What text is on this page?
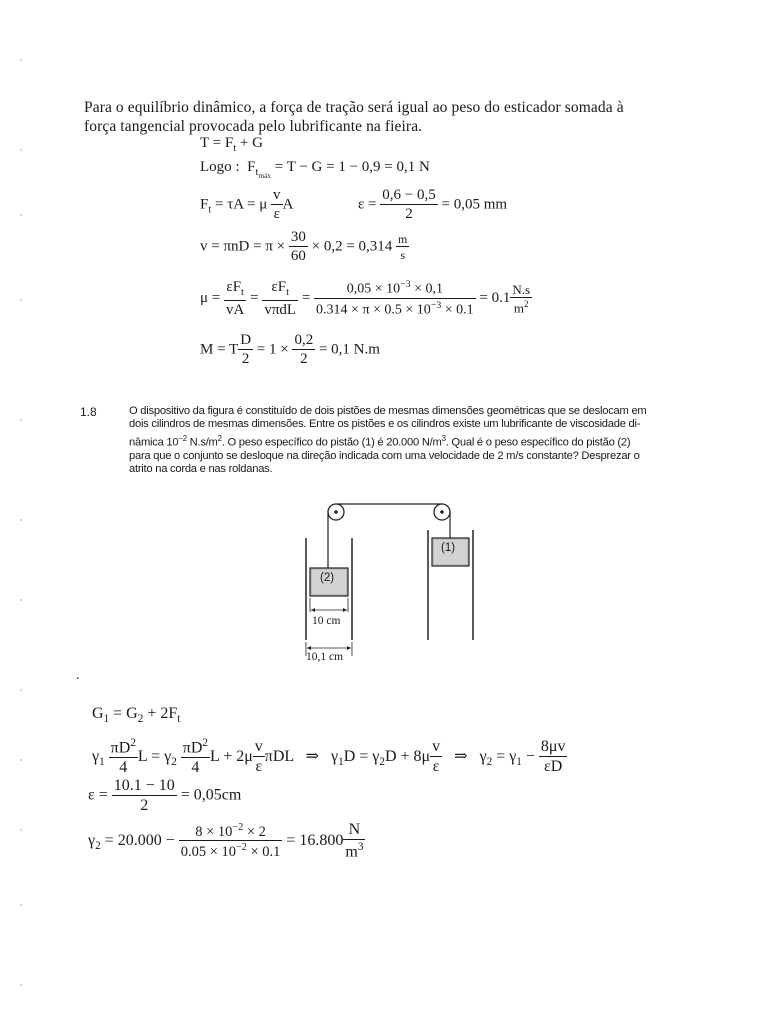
Para o equilíbrio dinâmico, a força de tração será igual ao peso do esticador somada à
força tangencial provocada pelo lubrificante na fieira.
$T = F_t + G$
Logo : $F_{t_{máx}} = T - G = 1 - 0,9 = 0,1$ N
$F_t = \tau A = \mu \frac{v}{\varepsilon}$ A	$\varepsilon = \frac{0,6 - 0,5}{2} = 0,05$ mm
$v = \pi nD = \pi \times \frac{30}{60} \times 0,2 = 0,314 \frac{m}{s}$
$\mu = \frac{\varepsilon F_t}{vA} = \frac{\varepsilon F_t}{\text{vπdL}} = \frac{0,05 \times 10^{-3} \times 0,1}{0.314 \times \pi \times 0.5 \times 10^{-3} \times 0.1} = 0.1 \frac{N.s}{m^2}$
M = T $\frac{D}{2} = 1 \times \frac{0,2}{2} = 0,1$ N.m
1.8	O dispositivo da figura é constituído de dois pistões de mesmas dimensões geométricas que se deslocam em
dois cilindros de mesmas dimensões. Entre os pistões e os cilindros existe um lubrificante de viscosidade di-
nâmica $10^{-2}$ $N.s/m^2$. O peso específico do pistão (1) é 20.000 $N/m^3$. Qual é o peso específico do pistão (2)
para que o conjunto se desloque na direção indicada com uma velocidade de 2 m/s constante? Desprezar o
atrito na corda e nas roldanas.
(2)
(1)
10 cm
10,1 cm
.
$G_1 = G_2 + 2F_t$
$\gamma_1 \frac{\pi D^2}{4}$ $L = \gamma_2 \frac{\pi D^2}{4}$ $L + 2\mu \frac{v}{\varepsilon}$ πDL ⇒ $\gamma_1D = \gamma_2D + 8\mu \frac{v}{\varepsilon}$ ⇒ $\gamma_2 = \gamma_1 - \frac{8\mu v}{\varepsilon D}$
$\varepsilon = \frac{10.1 - 10}{2} = 0,05cm$
$\gamma_2 = 20.000 - \frac{8 \times 10^{-2} \times 2}{0.05 \times 10^{-2} \times 0.1} = 16.800 \frac{N}{m^3}$
